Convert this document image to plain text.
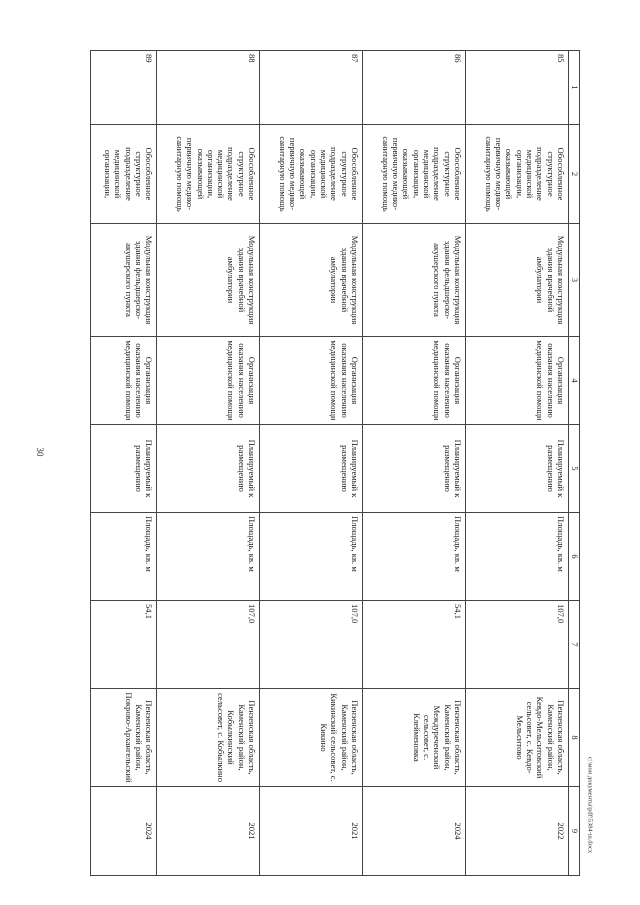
30
c:\мои документы\pdf\5384-ш.docx
1	2	3	4	5	6	7	8	9
85	Обособленное структурное подразделение медицинской организации, оказывающей первичную медико-санитарную помощь	Модульная конструкция здания врачебной амбулатории	Организация оказания населению медицинской помощи	Планируемый к размещению	Площадь, кв. м	107,0	Пензенская область, Каменский район, Кевдо-Мельситовский сельсовет, с. Кевдо-Мельситово	2022
86	Обособленное структурное подразделение медицинской организации, оказывающей первичную медико-санитарную помощь	Модульная конструкция здания фельдшерско-акушерского пункта	Организация оказания населению медицинской помощи	Планируемый к размещению	Площадь, кв. м	54,1	Пензенская область, Каменский район, Междуреченский сельсовет, с. Клейменовка	2024
87	Обособленное структурное подразделение медицинской организации, оказывающей первичную медико-санитарную помощь	Модульная конструкция здания врачебной амбулатории	Организация оказания населению медицинской помощи	Планируемый к размещению	Площадь, кв. м	107,0	Пензенская область, Каменский район, Кикинский сельсовет, с. Кикино	2021
88	Обособленное структурное подразделение медицинской организации, оказывающей первичную медико-санитарную помощь	Модульная конструкция здания врачебной амбулатории	Организация оказания населению медицинской помощи	Планируемый к размещению	Площадь, кв. м	107,0	Пензенская область, Каменский район, Кобылкинский сельсовет, с. Кобылкино	2021
89	Обособленное структурное подразделение медицинской организации,	Модульная конструкция здания фельдшерско-акушерского пункта	Организация оказания населению медицинской помощи	Планируемый к размещению	Площадь, кв. м	54,1	Пензенская область, Каменский район, Покрово-Архангельский	2024
